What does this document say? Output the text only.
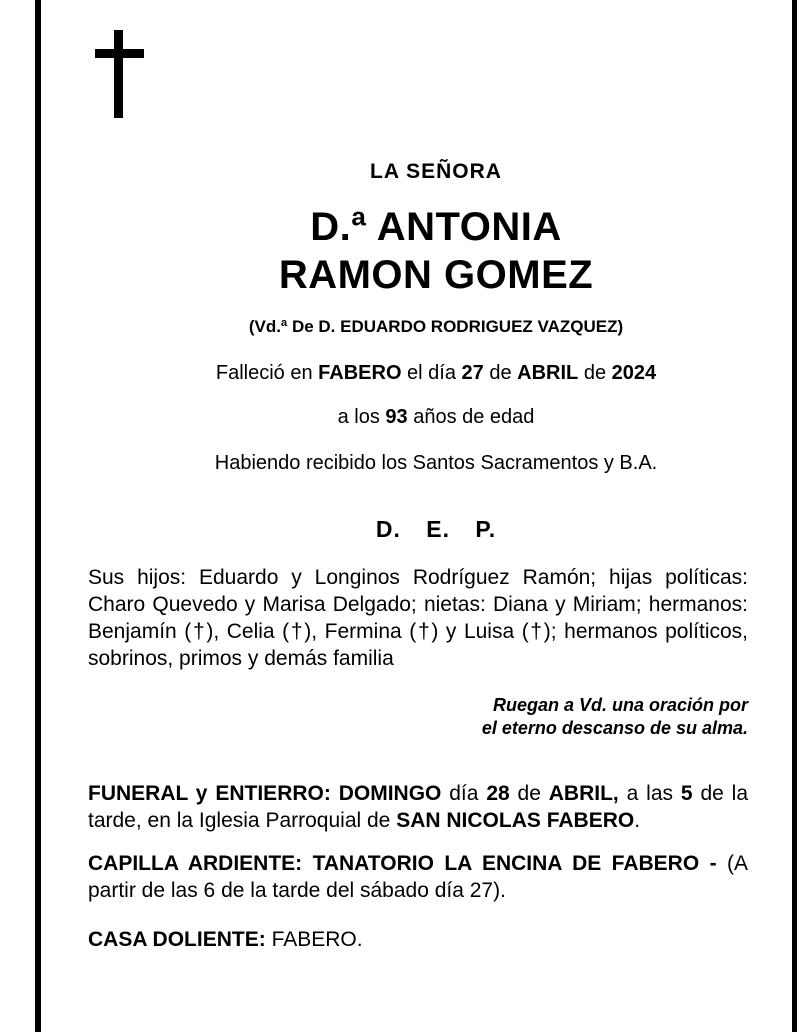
LA SEÑORA
D.ª ANTONIA
RAMON GOMEZ
(Vd.ª De D. EDUARDO RODRIGUEZ VAZQUEZ)
Falleció en FABERO el día 27 de ABRIL de 2024
a los 93 años de edad
Habiendo recibido los Santos Sacramentos y B.A.
D. E. P.

Sus hijos: Eduardo y Longinos Rodríguez Ramón; hijas políticas: Charo Quevedo y Marisa Delgado; nietas: Diana y Miriam; hermanos: Benjamín (†), Celia (†), Fermina (†) y Luisa (†); hermanos políticos, sobrinos, primos y demás familia

Ruegan a Vd. una oración por
el eterno descanso de su alma.

FUNERAL y ENTIERRO: DOMINGO día 28 de ABRIL, a las 5 de la tarde, en la Iglesia Parroquial de SAN NICOLAS FABERO.

CAPILLA ARDIENTE: TANATORIO LA ENCINA DE FABERO - (A partir de las 6 de la tarde del sábado día 27).

CASA DOLIENTE: FABERO.
